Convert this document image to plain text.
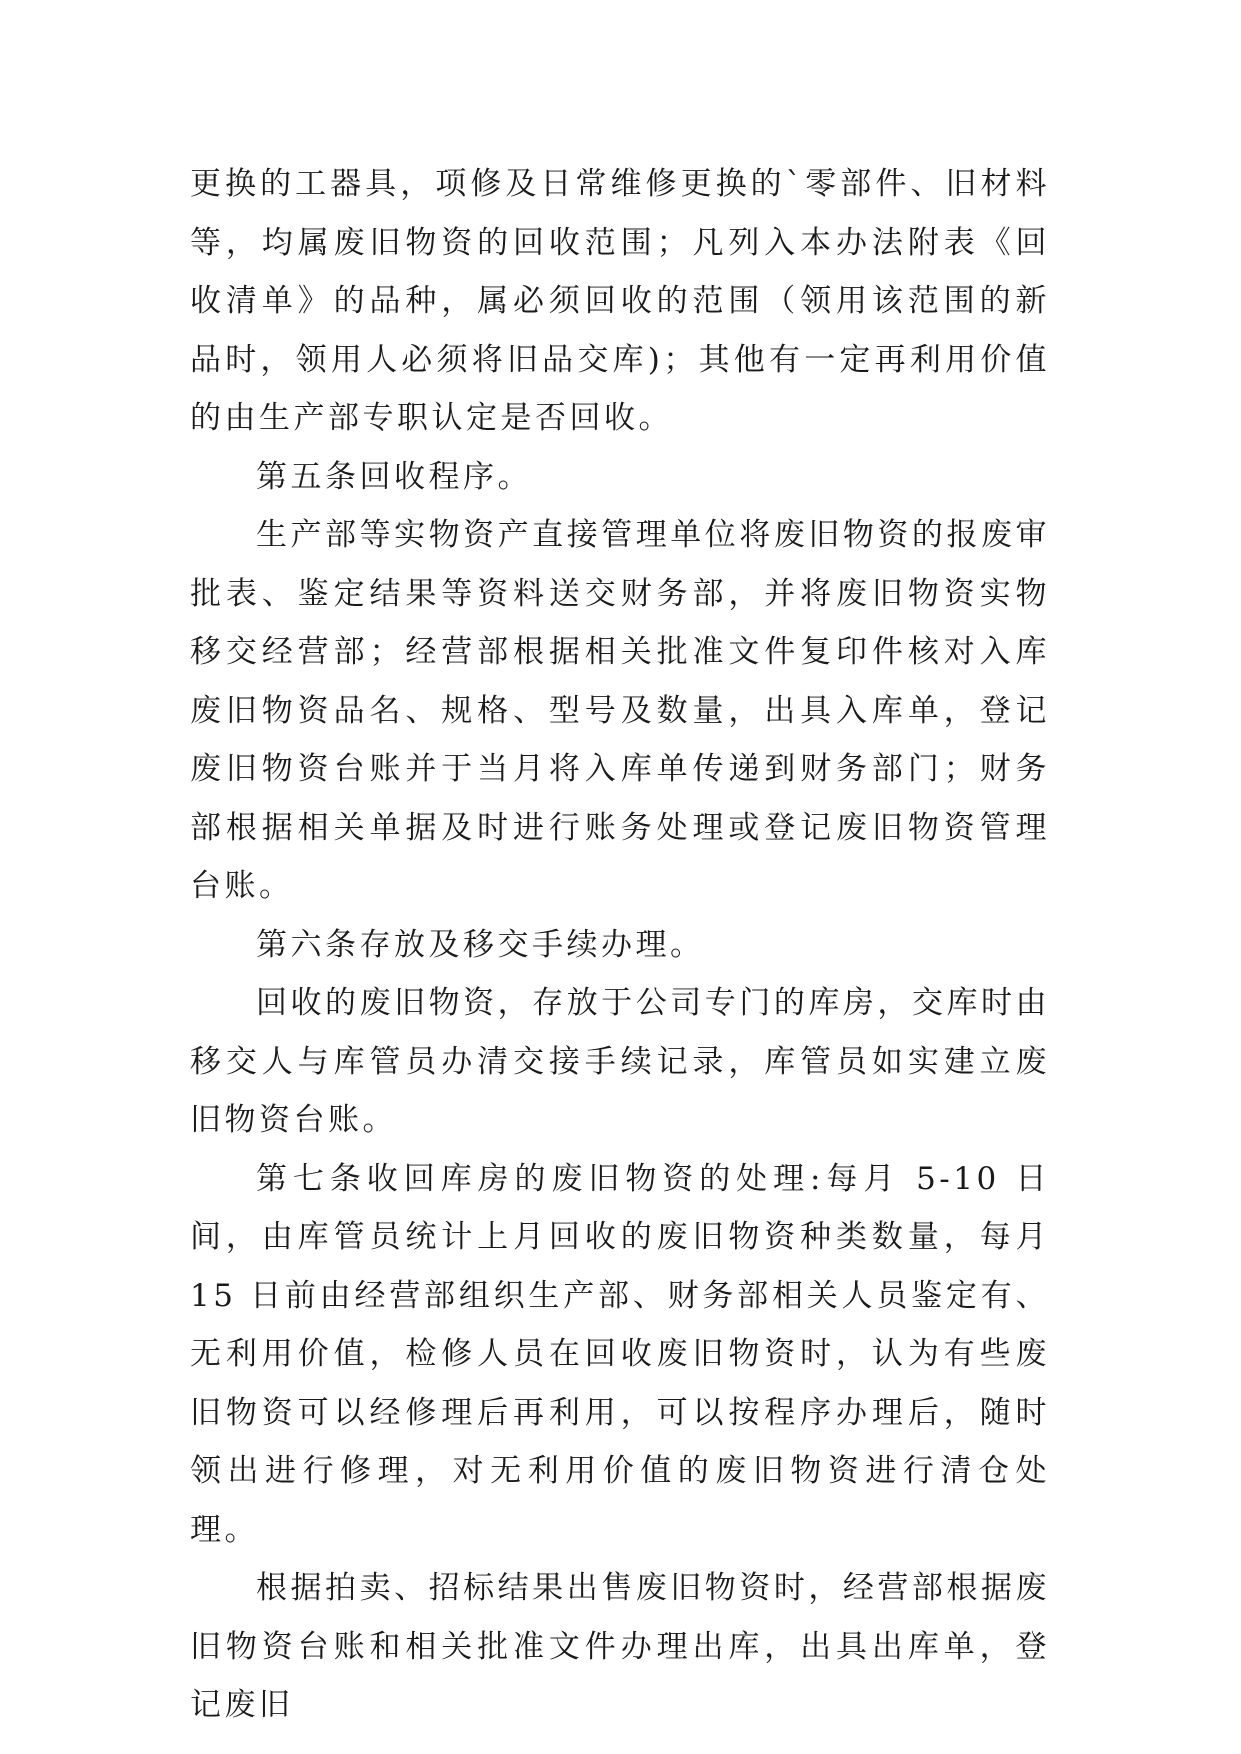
更换的工器具，项修及日常维修更换的`零部件、旧材料等，均属废旧物资的回收范围；凡列入本办法附表《回收清单》的品种，属必须回收的范围（领用该范围的新品时，领用人必须将旧品交库)；其他有一定再利用价值的由生产部专职认定是否回收。

第五条回收程序。

生产部等实物资产直接管理单位将废旧物资的报废审批表、鉴定结果等资料送交财务部，并将废旧物资实物移交经营部；经营部根据相关批准文件复印件核对入库废旧物资品名、规格、型号及数量，出具入库单，登记废旧物资台账并于当月将入库单传递到财务部门；财务部根据相关单据及时进行账务处理或登记废旧物资管理台账。

第六条存放及移交手续办理。

回收的废旧物资，存放于公司专门的库房，交库时由移交人与库管员办清交接手续记录，库管员如实建立废旧物资台账。

第七条收回库房的废旧物资的处理:每月 5-10 日间，由库管员统计上月回收的废旧物资种类数量，每月 15 日前由经营部组织生产部、财务部相关人员鉴定有、无利用价值，检修人员在回收废旧物资时，认为有些废旧物资可以经修理后再利用，可以按程序办理后，随时领出进行修理，对无利用价值的废旧物资进行清仓处理。

根据拍卖、招标结果出售废旧物资时，经营部根据废旧物资台账和相关批准文件办理出库，出具出库单，登记废旧
